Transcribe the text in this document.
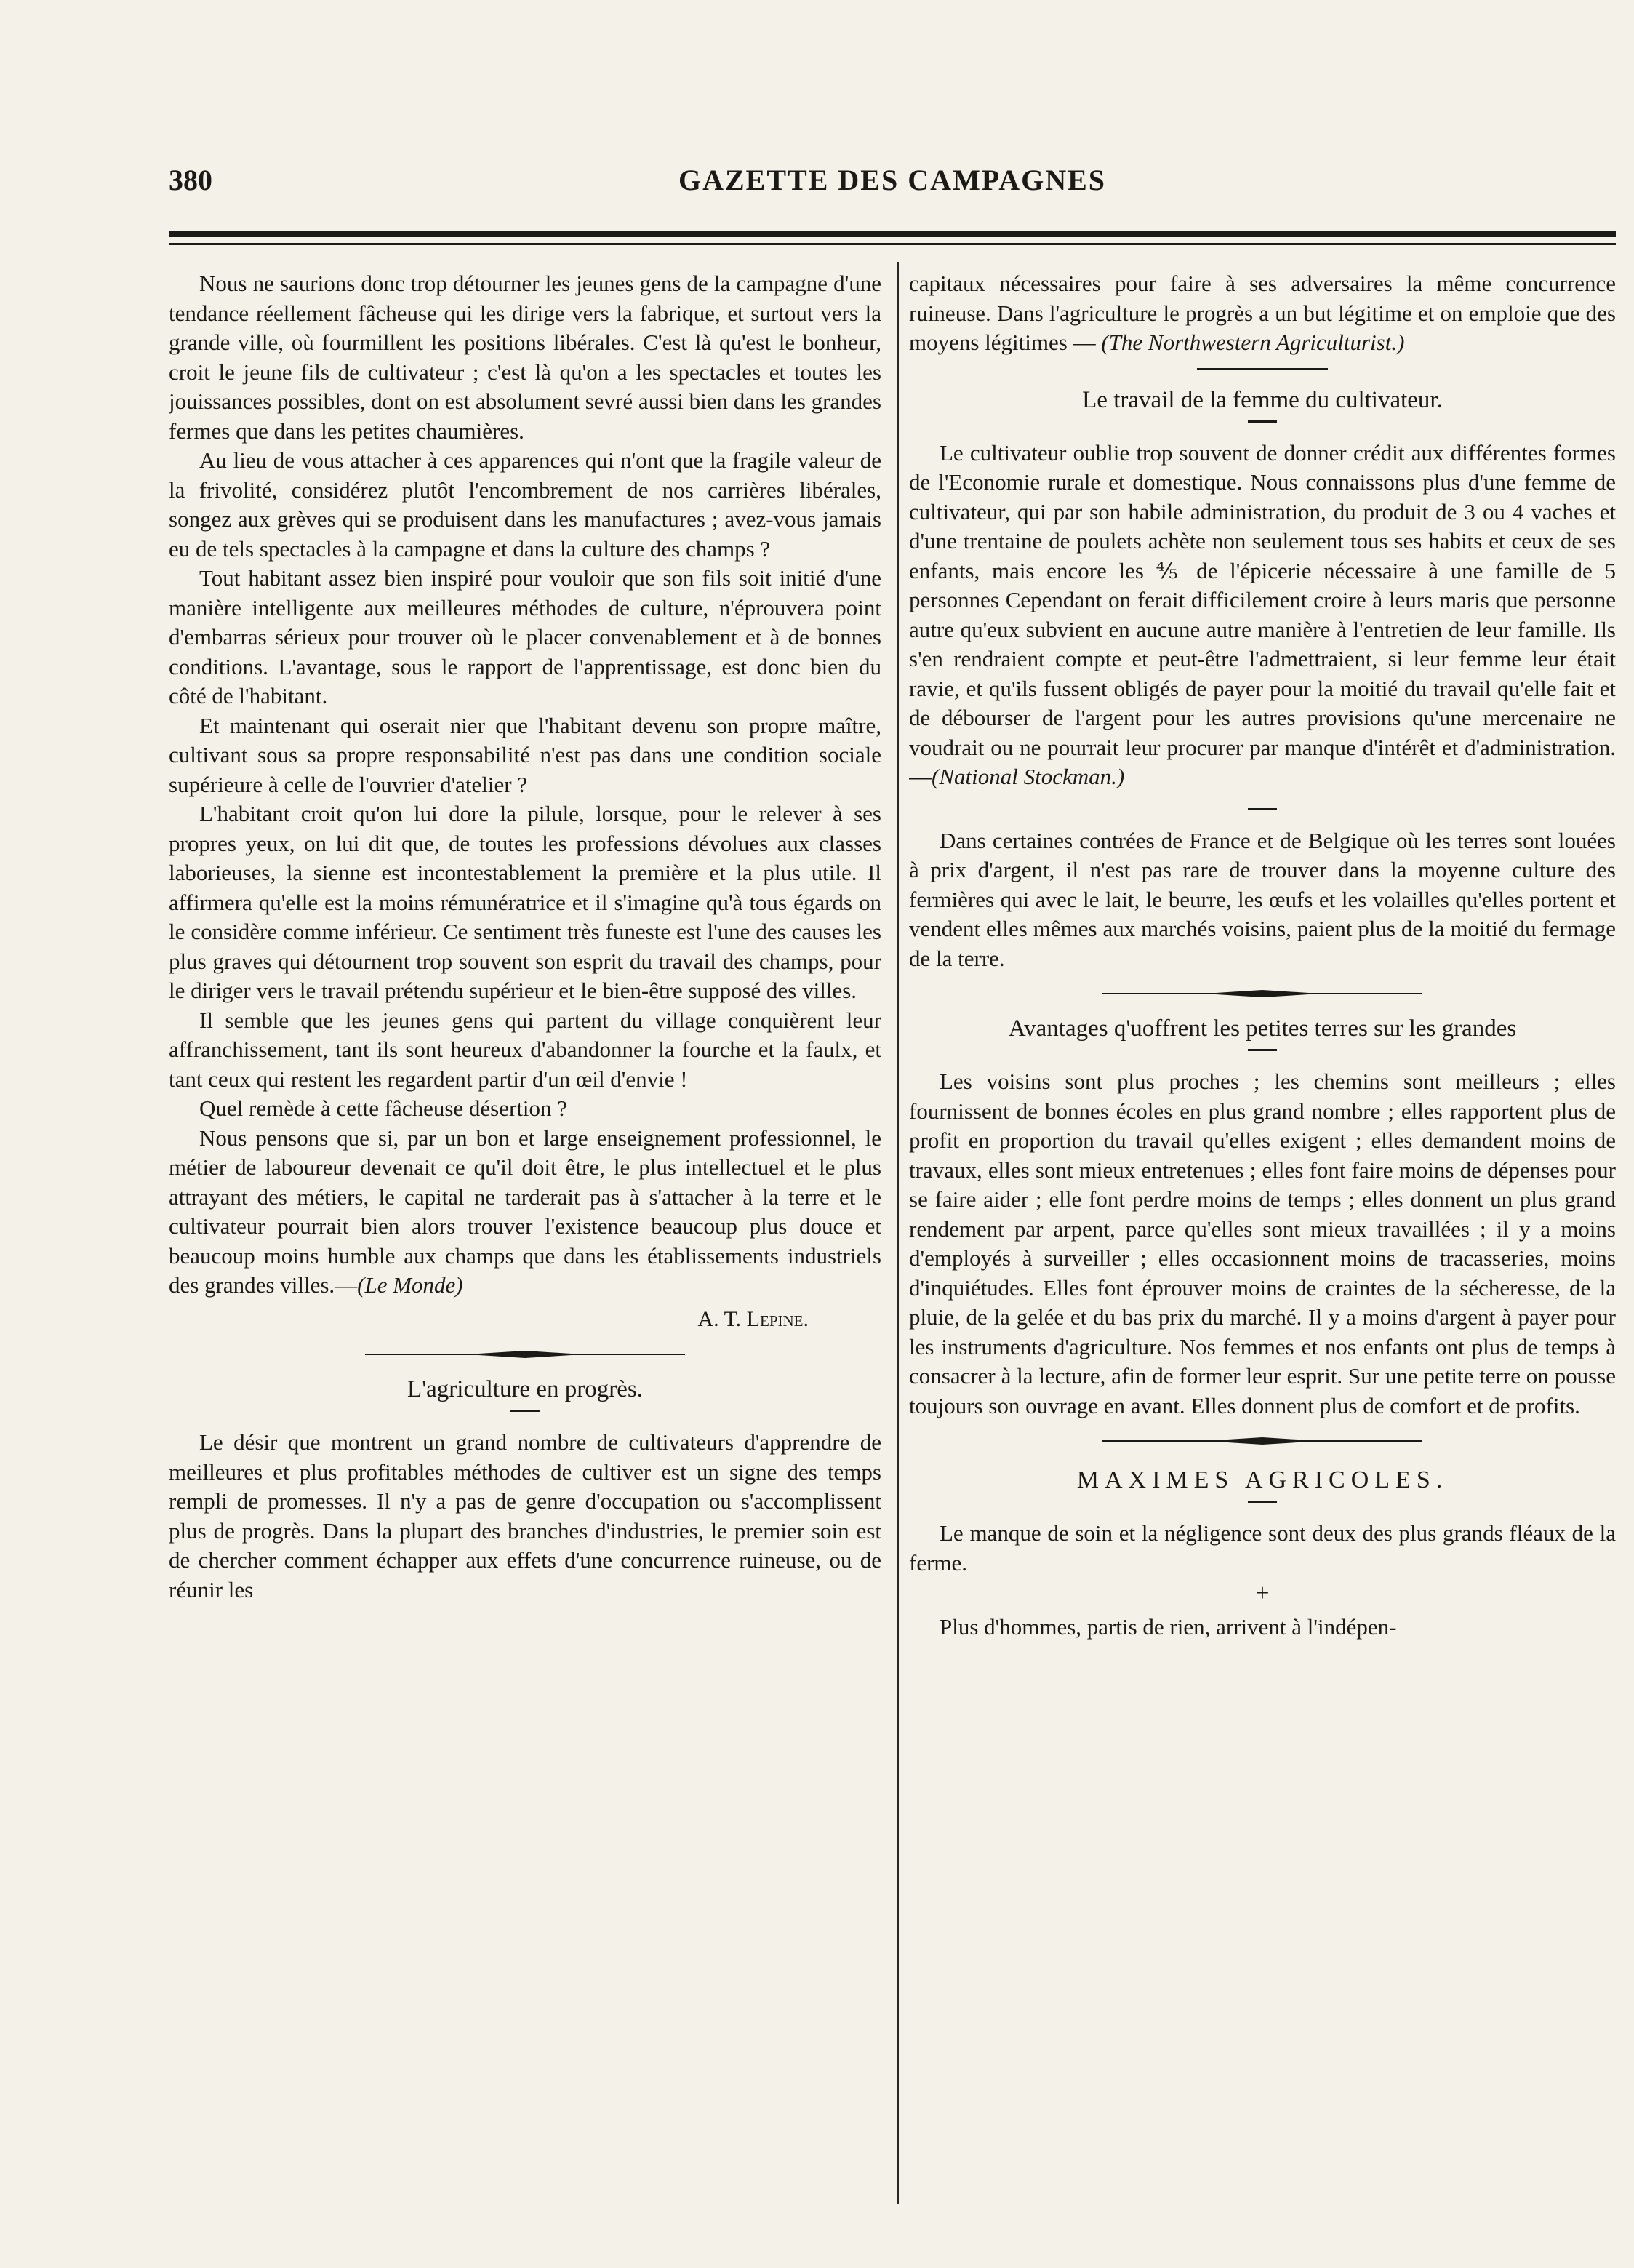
380	GAZETTE DES CAMPAGNES

Nous ne saurions donc trop détourner les jeunes gens de la campagne d'une tendance réellement fâcheuse qui les dirige vers la fabrique, et surtout vers la grande ville, où fourmillent les positions libérales. C'est là qu'est le bonheur, croit le jeune fils de cultivateur ; c'est là qu'on a les spectacles et toutes les jouissances possibles, dont on est absolument sevré aussi bien dans les grandes fermes que dans les petites chaumières.

Au lieu de vous attacher à ces apparences qui n'ont que la fragile valeur de la frivolité, considérez plutôt l'encombrement de nos carrières libérales, songez aux grèves qui se produisent dans les manufactures ; avez-vous jamais eu de tels spectacles à la campagne et dans la culture des champs ?

Tout habitant assez bien inspiré pour vouloir que son fils soit initié d'une manière intelligente aux meilleures méthodes de culture, n'éprouvera point d'embarras sérieux pour trouver où le placer convenablement et à de bonnes conditions. L'avantage, sous le rapport de l'apprentissage, est donc bien du côté de l'habitant.

Et maintenant qui oserait nier que l'habitant devenu son propre maître, cultivant sous sa propre responsabilité n'est pas dans une condition sociale supérieure à celle de l'ouvrier d'atelier ?

L'habitant croit qu'on lui dore la pilule, lorsque, pour le relever à ses propres yeux, on lui dit que, de toutes les professions dévolues aux classes laborieuses, la sienne est incontestablement la première et la plus utile. Il affirmera qu'elle est la moins rémunératrice et il s'imagine qu'à tous égards on le considère comme inférieur. Ce sentiment très funeste est l'une des causes les plus graves qui détournent trop souvent son esprit du travail des champs, pour le diriger vers le travail prétendu supérieur et le bien-être supposé des villes.

Il semble que les jeunes gens qui partent du village conquièrent leur affranchissement, tant ils sont heureux d'abandonner la fourche et la faulx, et tant ceux qui restent les regardent partir d'un œil d'envie !

Quel remède à cette fâcheuse désertion ?

Nous pensons que si, par un bon et large enseignement professionnel, le métier de laboureur devenait ce qu'il doit être, le plus intellectuel et le plus attrayant des métiers, le capital ne tarderait pas à s'attacher à la terre et le cultivateur pourrait bien alors trouver l'existence beaucoup plus douce et beaucoup moins humble aux champs que dans les établissements industriels des grandes villes.—(Le Monde)

A. T. Lepine.
L'agriculture en progrès.

Le désir que montrent un grand nombre de cultivateurs d'apprendre de meilleures et plus profitables méthodes de cultiver est un signe des temps rempli de promesses. Il n'y a pas de genre d'occupation ou s'accomplissent plus de progrès. Dans la plupart des branches d'industries, le premier soin est de chercher comment échapper aux effets d'une concurrence ruineuse, ou de réunir les

capitaux nécessaires pour faire à ses adversaires la même concurrence ruineuse. Dans l'agriculture le progrès a un but légitime et on emploie que des moyens légitimes — (The Northwestern Agriculturist.)

Le travail de la femme du cultivateur.

Le cultivateur oublie trop souvent de donner crédit aux différentes formes de l'Economie rurale et domestique. Nous connaissons plus d'une femme de cultivateur, qui par son habile administration, du produit de 3 ou 4 vaches et d'une trentaine de poulets achète non seulement tous ses habits et ceux de ses enfants, mais encore les ⅘ de l'épicerie nécessaire à une famille de 5 personnes Cependant on ferait difficilement croire à leurs maris que personne autre qu'eux subvient en aucune autre manière à l'entretien de leur famille. Ils s'en rendraient compte et peut-être l'admettraient, si leur femme leur était ravie, et qu'ils fussent obligés de payer pour la moitié du travail qu'elle fait et de débourser de l'argent pour les autres provisions qu'une mercenaire ne voudrait ou ne pourrait leur procurer par manque d'intérêt et d'administration.—(National Stockman.)

Dans certaines contrées de France et de Belgique où les terres sont louées à prix d'argent, il n'est pas rare de trouver dans la moyenne culture des fermières qui avec le lait, le beurre, les œufs et les volailles qu'elles portent et vendent elles mêmes aux marchés voisins, paient plus de la moitié du fermage de la terre.

Avantages q'uoffrent les petites terres sur les grandes

Les voisins sont plus proches ; les chemins sont meilleurs ; elles fournissent de bonnes écoles en plus grand nombre ; elles rapportent plus de profit en proportion du travail qu'elles exigent ; elles demandent moins de travaux, elles sont mieux entretenues ; elles font faire moins de dépenses pour se faire aider ; elle font perdre moins de temps ; elles donnent un plus grand rendement par arpent, parce qu'elles sont mieux travaillées ; il y a moins d'employés à surveiller ; elles occasionnent moins de tracasseries, moins d'inquiétudes. Elles font éprouver moins de craintes de la sécheresse, de la pluie, de la gelée et du bas prix du marché. Il y a moins d'argent à payer pour les instruments d'agriculture. Nos femmes et nos enfants ont plus de temps à consacrer à la lecture, afin de former leur esprit. Sur une petite terre on pousse toujours son ouvrage en avant. Elles donnent plus de comfort et de profits.

MAXIMES AGRICOLES.

Le manque de soin et la négligence sont deux des plus grands fléaux de la ferme.

+

Plus d'hommes, partis de rien, arrivent à l'indépen-
